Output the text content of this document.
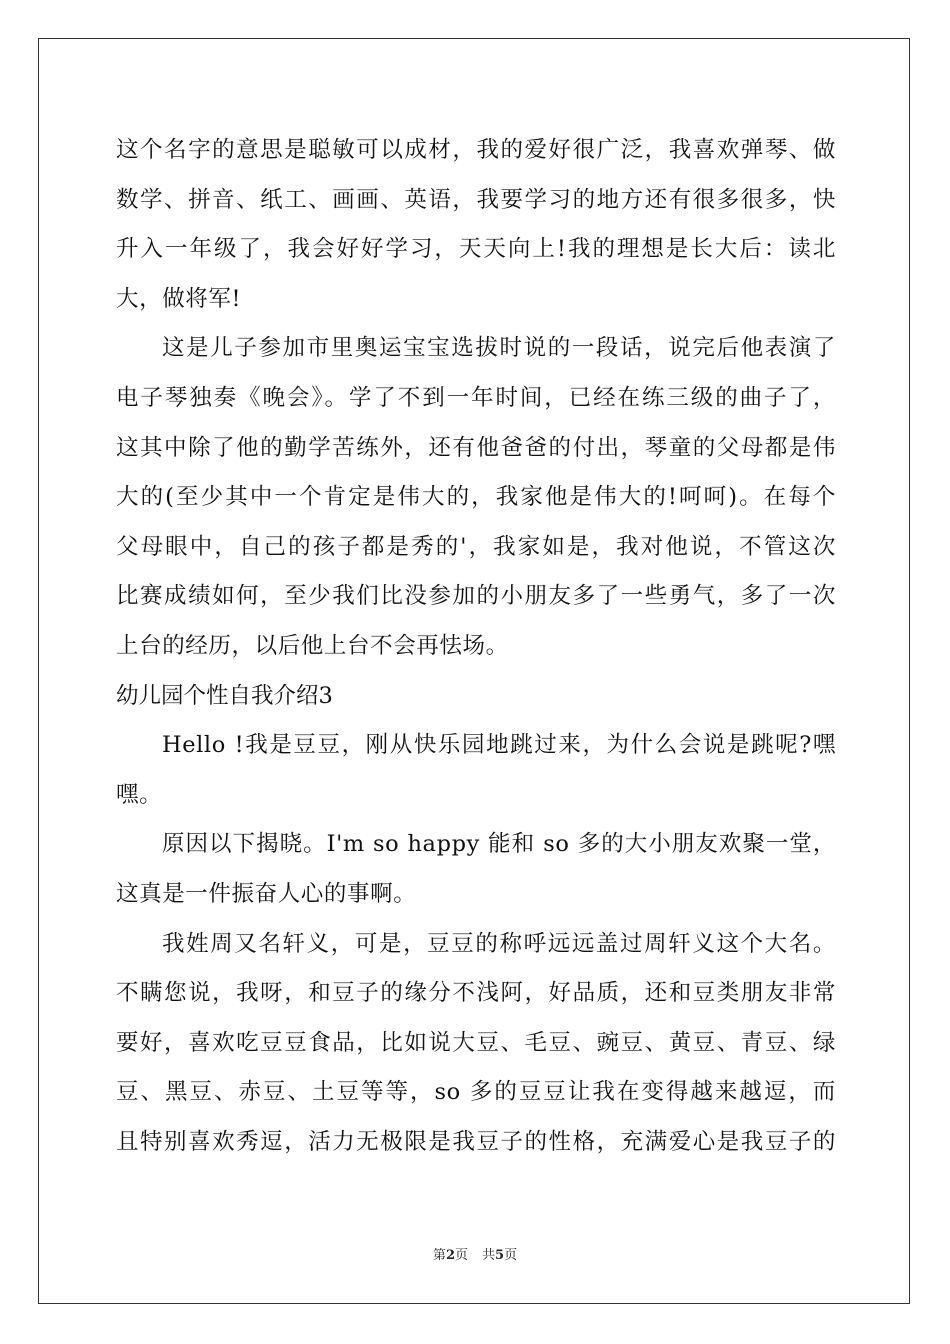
这个名字的意思是聪敏可以成材，我的爱好很广泛，我喜欢弹琴、做
数学、拼音、纸工、画画、英语，我要学习的地方还有很多很多，快
升入一年级了，我会好好学习，天天向上!我的理想是长大后：读北
大，做将军!
这是儿子参加市里奥运宝宝选拔时说的一段话，说完后他表演了
电子琴独奏《晚会》。学了不到一年时间，已经在练三级的曲子了，
这其中除了他的勤学苦练外，还有他爸爸的付出，琴童的父母都是伟
大的(至少其中一个肯定是伟大的，我家他是伟大的!呵呵)。在每个
父母眼中，自己的孩子都是秀的'，我家如是，我对他说，不管这次
比赛成绩如何，至少我们比没参加的小朋友多了一些勇气，多了一次
上台的经历，以后他上台不会再怯场。
幼儿园个性自我介绍3
Hello !我是豆豆，刚从快乐园地跳过来，为什么会说是跳呢?嘿
嘿。
原因以下揭晓。I'm so happy 能和 so 多的大小朋友欢聚一堂，
这真是一件振奋人心的事啊。
我姓周又名轩义，可是，豆豆的称呼远远盖过周轩义这个大名。
不瞒您说，我呀，和豆子的缘分不浅阿，好品质，还和豆类朋友非常
要好，喜欢吃豆豆食品，比如说大豆、毛豆、豌豆、黄豆、青豆、绿
豆、黑豆、赤豆、土豆等等，so 多的豆豆让我在变得越来越逗，而
且特别喜欢秀逗，活力无极限是我豆子的性格，充满爱心是我豆子的
第2页 共5页
